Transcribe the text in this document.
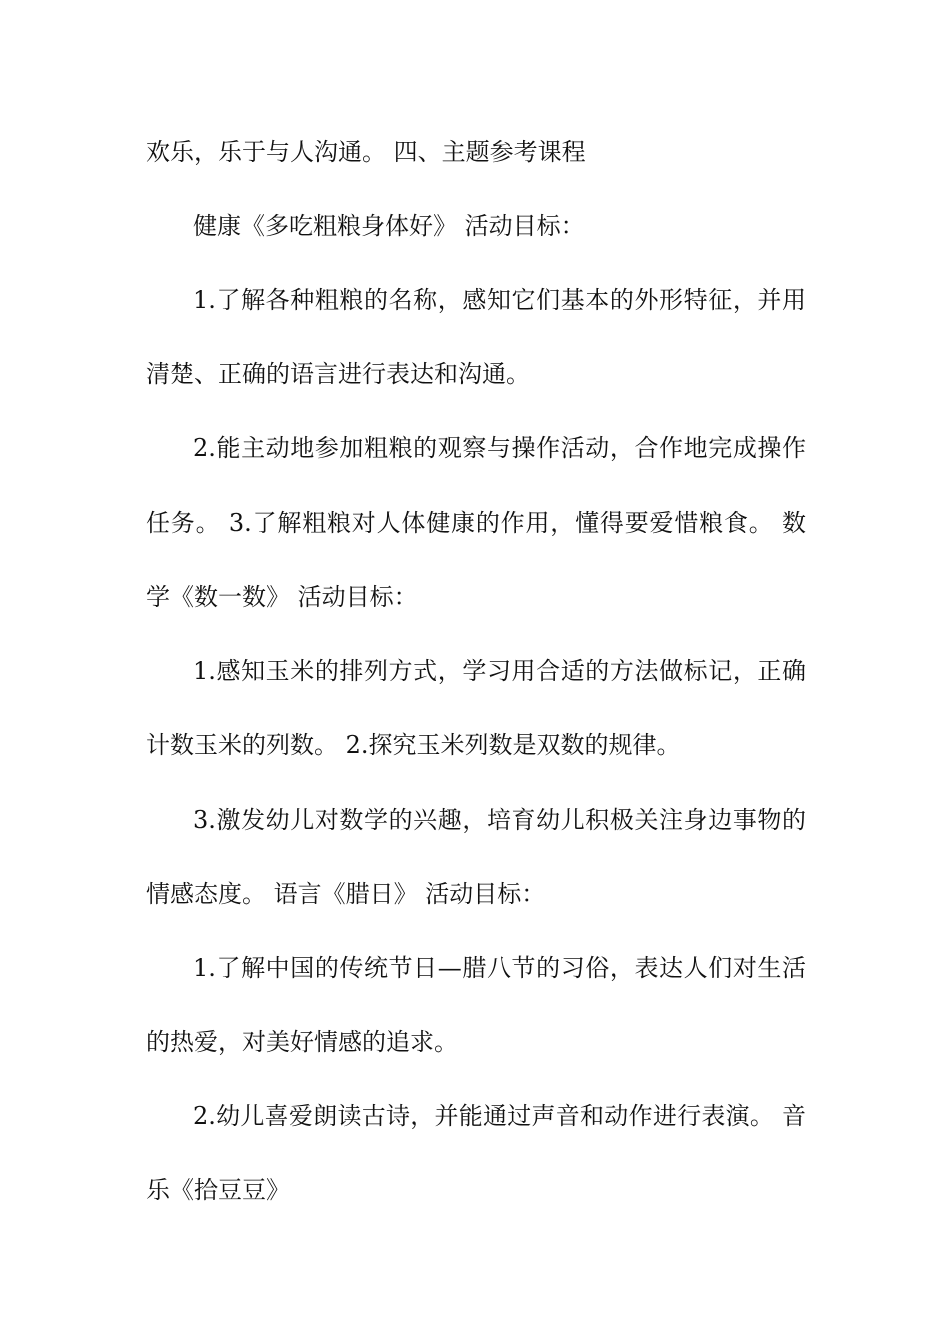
欢乐，乐于与人沟通。 四、主题参考课程
健康《多吃粗粮身体好》 活动目标：
1.了解各种粗粮的名称，感知它们基本的外形特征，并用
清楚、正确的语言进行表达和沟通。
2.能主动地参加粗粮的观察与操作活动，合作地完成操作
任务。 3.了解粗粮对人体健康的作用，懂得要爱惜粮食。 数
学《数一数》 活动目标：
1.感知玉米的排列方式，学习用合适的方法做标记，正确
计数玉米的列数。 2.探究玉米列数是双数的规律。
3.激发幼儿对数学的兴趣，培育幼儿积极关注身边事物的
情感态度。 语言《腊日》 活动目标：
1.了解中国的传统节日—腊八节的习俗，表达人们对生活
的热爱，对美好情感的追求。
2.幼儿喜爱朗读古诗，并能通过声音和动作进行表演。 音
乐《拾豆豆》
